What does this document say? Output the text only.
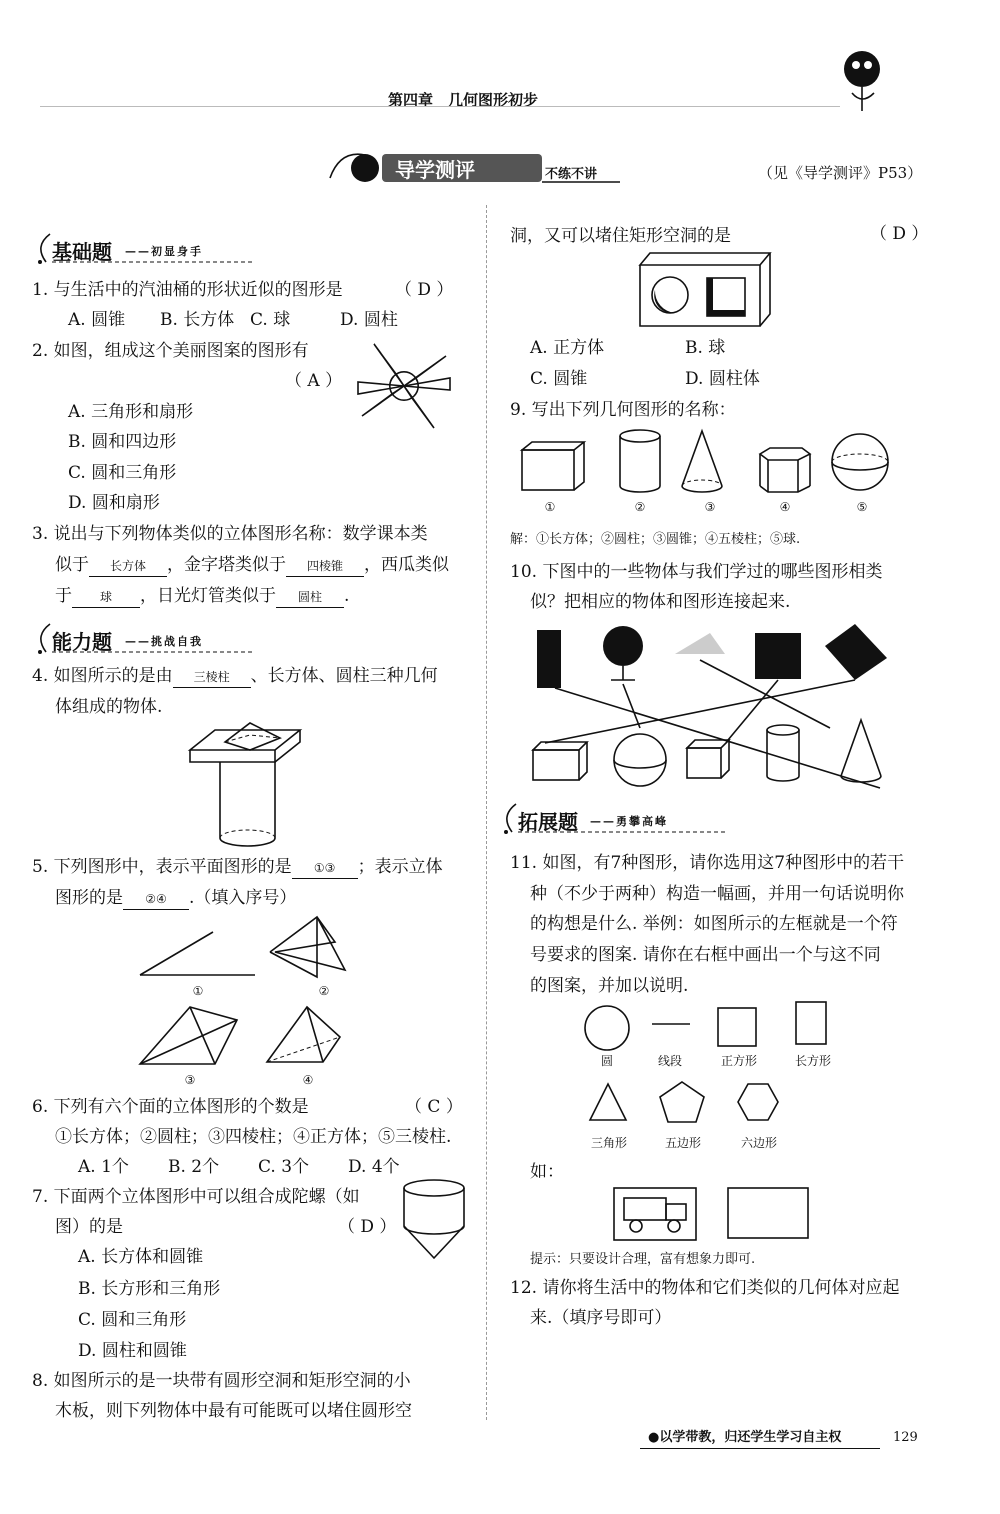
第四章　几何图形初步
导学测评	不练不讲	（见《导学测评》P53）
基础题 ——初显身手
1. 与生活中的汽油桶的形状近似的图形是	（ D ）
A. 圆锥 B. 长方体 C. 球	D. 圆柱
2. 如图，组成这个美丽图案的图形有
（ A ）
A. 三角形和扇形
B. 圆和四边形
C. 圆和三角形
D. 圆和扇形
3. 说出与下列物体类似的立体图形名称：数学课本类
似于 长方体 ，金字塔类似于 四棱锥 ，西瓜类似
于 球 ，日光灯管类似于 圆柱 .
能力题 ——挑战自我
4. 如图所示的是由 三棱柱 、长方体、圆柱三种几何
体组成的物体.
5. 下列图形中，表示平面图形的是 ①③ ；表示立体
图形的是 ②④ .（填入序号）
①	②
③	④
6. 下列有六个面的立体图形的个数是	（ C ）
①长方体；②圆柱；③四棱柱；④正方体；⑤三棱柱.
A. 1个 B. 2个 C. 3个 D. 4个
7. 下面两个立体图形中可以组合成陀螺（如
图）的是	（ D ）
A. 长方体和圆锥
B. 长方形和三角形
C. 圆和三角形
D. 圆柱和圆锥
8. 如图所示的是一块带有圆形空洞和矩形空洞的小
木板，则下列物体中最有可能既可以堵住圆形空
洞，又可以堵住矩形空洞的是	（ D ）
A. 正方体	B. 球
C. 圆锥	D. 圆柱体
9. 写出下列几何图形的名称：
①	②	③	④	⑤
解：①长方体；②圆柱；③圆锥；④五棱柱；⑤球.
10. 下图中的一些物体与我们学过的哪些图形相类
似？把相应的物体和图形连接起来.
拓展题 ——勇攀高峰
11. 如图，有7种图形，请你选用这7种图形中的若干
种（不少于两种）构造一幅画，并用一句话说明你
的构想是什么. 举例：如图所示的左框就是一个符
号要求的图案. 请你在右框中画出一个与这不同
的图案，并加以说明.
圆	线段	正方形	长方形
三角形	五边形	六边形
如：
提示：只要设计合理，富有想象力即可.
12. 请你将生活中的物体和它们类似的几何体对应起
来.（填序号即可）
●以学带教，归还学生学习自主权	129
